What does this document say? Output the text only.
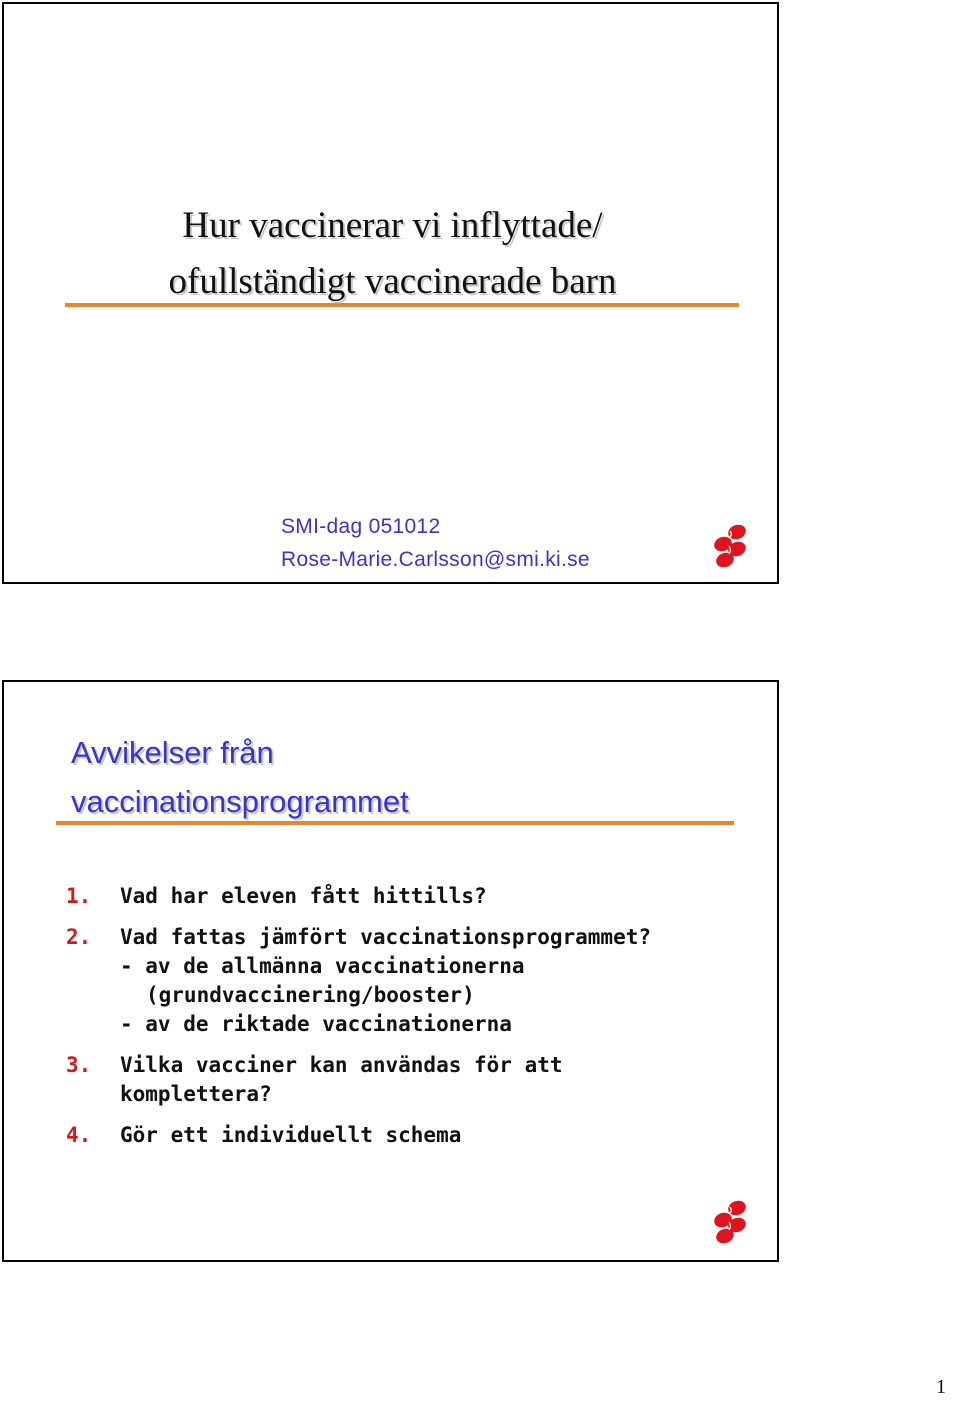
Hur vaccinerar vi inflyttade/
ofullständigt vaccinerade barn
SMI-dag 051012
Rose-Marie.Carlsson@smi.ki.se
Avvikelser från
vaccinationsprogrammet
1. Vad har eleven fått hittills?
2. Vad fattas jämfört vaccinationsprogrammet?
- av de allmänna vaccinationerna
(grundvaccinering/booster)
- av de riktade vaccinationerna
3. Vilka vacciner kan användas för att
komplettera?
4. Gör ett individuellt schema
1
